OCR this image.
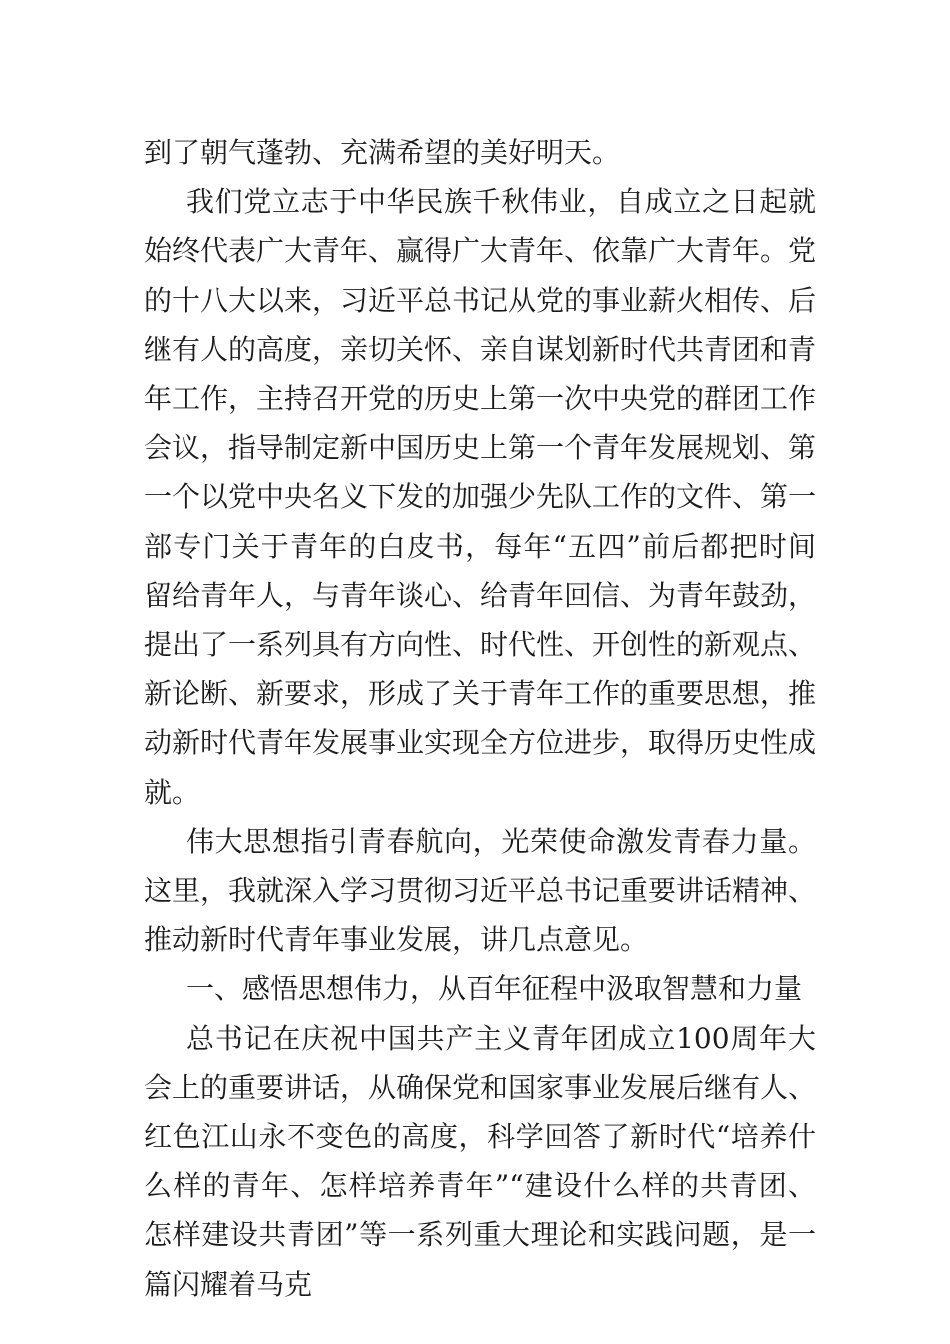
到了朝气蓬勃、充满希望的美好明天。

我们党立志于中华民族千秋伟业，自成立之日起就始终代表广大青年、赢得广大青年、依靠广大青年。党的十八大以来，习近平总书记从党的事业薪火相传、后继有人的高度，亲切关怀、亲自谋划新时代共青团和青年工作，主持召开党的历史上第一次中央党的群团工作会议，指导制定新中国历史上第一个青年发展规划、第一个以党中央名义下发的加强少先队工作的文件、第一部专门关于青年的白皮书，每年“五四”前后都把时间留给青年人，与青年谈心、给青年回信、为青年鼓劲，提出了一系列具有方向性、时代性、开创性的新观点、新论断、新要求，形成了关于青年工作的重要思想，推动新时代青年发展事业实现全方位进步，取得历史性成就。

伟大思想指引青春航向，光荣使命激发青春力量。这里，我就深入学习贯彻习近平总书记重要讲话精神、推动新时代青年事业发展，讲几点意见。

一、感悟思想伟力，从百年征程中汲取智慧和力量

总书记在庆祝中国共产主义青年团成立100周年大会上的重要讲话，从确保党和国家事业发展后继有人、红色江山永不变色的高度，科学回答了新时代“培养什么样的青年、怎样培养青年”“建设什么样的共青团、怎样建设共青团”等一系列重大理论和实践问题，是一篇闪耀着马克
